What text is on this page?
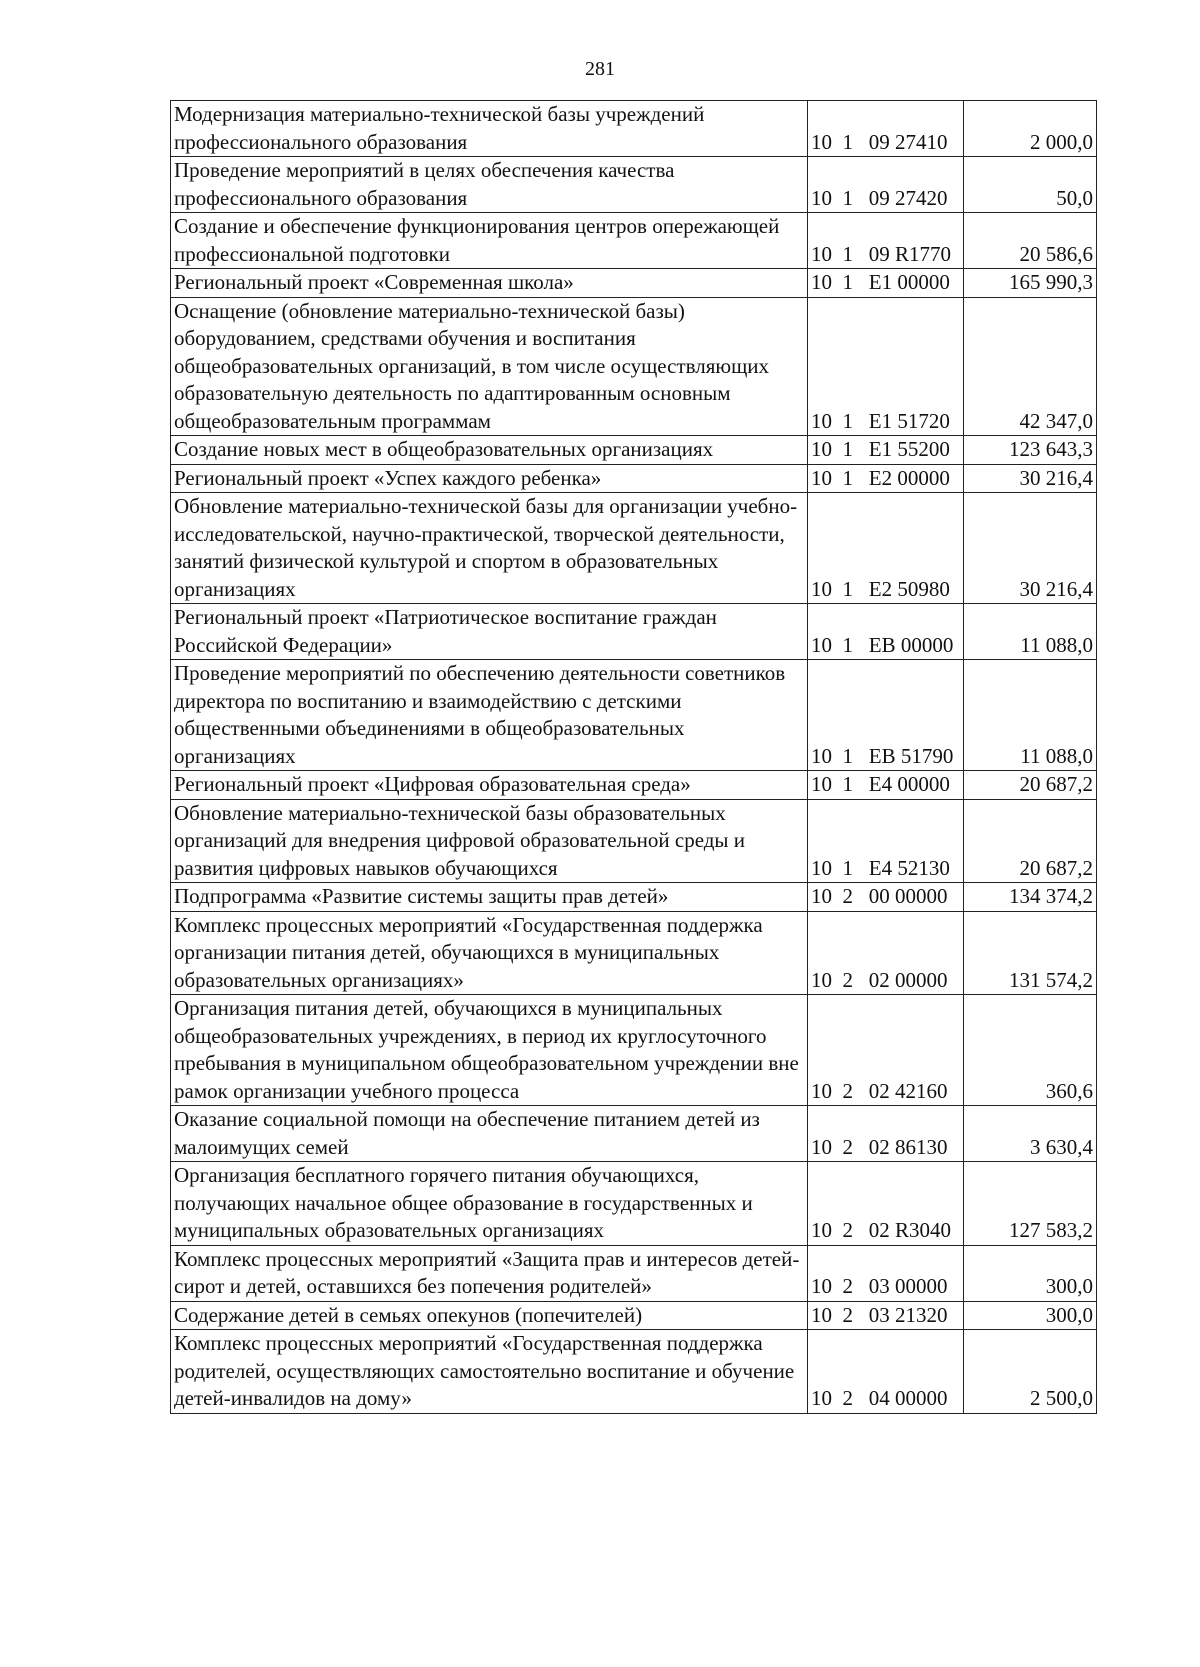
281
Модернизация материально-технической базы учреждений профессионального образования	10  1   09 27410	2 000,0
Проведение мероприятий в целях обеспечения качества профессионального образования	10  1   09 27420	50,0
Создание и обеспечение функционирования центров опережающей профессиональной подготовки	10  1   09 R1770	20 586,6
Региональный проект «Современная школа»	10  1   E1 00000	165 990,3
Оснащение (обновление материально-технической базы) оборудованием, средствами обучения и воспитания общеобразовательных организаций, в том числе осуществляющих образовательную деятельность по адаптированным основным общеобразовательным программам	10  1   E1 51720	42 347,0
Создание новых мест в общеобразовательных организациях	10  1   E1 55200	123 643,3
Региональный проект «Успех каждого ребенка»	10  1   E2 00000	30 216,4
Обновление материально-технической базы для организации учебно-исследовательской, научно-практической, творческой деятельности, занятий физической культурой и спортом в образовательных организациях	10  1   E2 50980	30 216,4
Региональный проект «Патриотическое воспитание граждан Российской Федерации»	10  1   EB 00000	11 088,0
Проведение мероприятий по обеспечению деятельности советников директора по воспитанию и взаимодействию с детскими общественными объединениями в общеобразовательных организациях	10  1   EB 51790	11 088,0
Региональный проект «Цифровая образовательная среда»	10  1   E4 00000	20 687,2
Обновление материально-технической базы образовательных организаций для внедрения цифровой образовательной среды и развития цифровых навыков обучающихся	10  1   E4 52130	20 687,2
Подпрограмма «Развитие системы защиты прав детей»	10  2   00 00000	134 374,2
Комплекс процессных мероприятий «Государственная поддержка организации питания детей, обучающихся в муниципальных образовательных организациях»	10  2   02 00000	131 574,2
Организация питания детей, обучающихся в муниципальных общеобразовательных учреждениях, в период их круглосуточного пребывания в муниципальном общеобразовательном учреждении вне рамок организации учебного процесса	10  2   02 42160	360,6
Оказание социальной помощи на обеспечение питанием детей из малоимущих семей	10  2   02 86130	3 630,4
Организация бесплатного горячего питания обучающихся, получающих начальное общее образование в государственных и муниципальных образовательных организациях	10  2   02 R3040	127 583,2
Комплекс процессных мероприятий «Защита прав и интересов детей-сирот и детей, оставшихся без попечения родителей»	10  2   03 00000	300,0
Содержание детей в семьях опекунов (попечителей)	10  2   03 21320	300,0
Комплекс процессных мероприятий «Государственная поддержка родителей, осуществляющих самостоятельно воспитание и обучение детей-инвалидов на дому»	10  2   04 00000	2 500,0
